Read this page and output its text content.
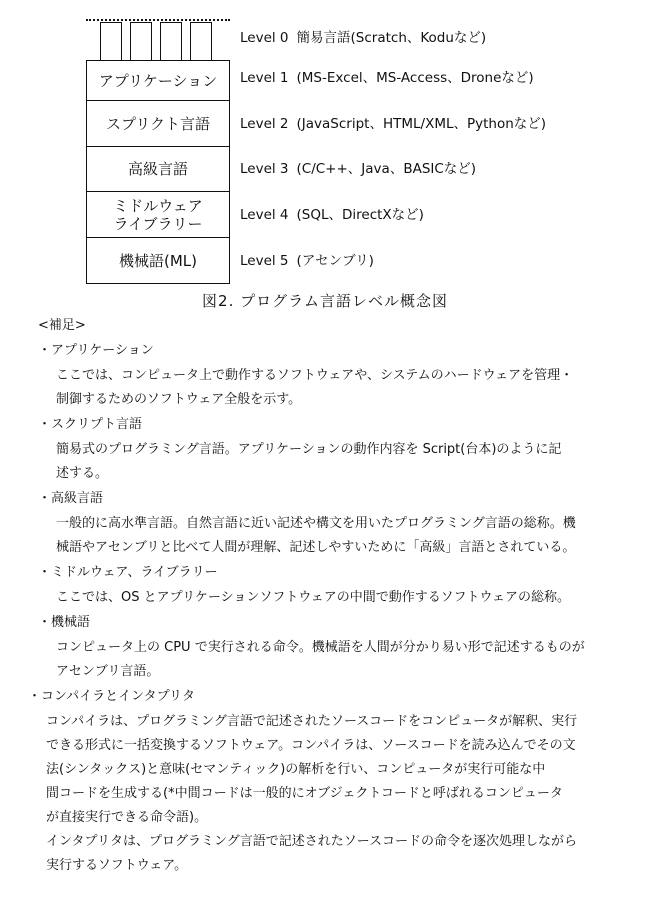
アプリケーション
スプリクト言語
高級言語
ミドルウェア
ライブラリー
機械語(ML)
Level 0 簡易言語(Scratch、Koduなど)
Level 1 (MS-Excel、MS-Access、Droneなど)
Level 2 (JavaScript、HTML/XML、Pythonなど)
Level 3 (C/C++、Java、BASICなど)
Level 4 (SQL、DirectXなど)
Level 5 (アセンブリ)
図2. プログラム言語レベル概念図
<補足>
・アプリケーション
ここでは、コンピュータ上で動作するソフトウェアや、システムのハードウェアを管理・
制御するためのソフトウェア全般を示す。
・スクリプト言語
簡易式のプログラミング言語。アプリケーションの動作内容を Script(台本)のように記
述する。
・高級言語
一般的に高水準言語。自然言語に近い記述や構文を用いたプログラミング言語の総称。機
械語やアセンブリと比べて人間が理解、記述しやすいために「高級」言語とされている。
・ミドルウェア、ライブラリー
ここでは、OS とアプリケーションソフトウェアの中間で動作するソフトウェアの総称。
・機械語
コンピュータ上の CPU で実行される命令。機械語を人間が分かり易い形で記述するものが
アセンブリ言語。
・コンパイラとインタプリタ
コンパイラは、プログラミング言語で記述されたソースコードをコンピュータが解釈、実行
できる形式に一括変換するソフトウェア。コンパイラは、ソースコードを読み込んでその文
法(シンタックス)と意味(セマンティック)の解析を行い、コンピュータが実行可能な中
間コードを生成する(*中間コードは一般的にオブジェクトコードと呼ばれるコンピュータ
が直接実行できる命令語)。
インタプリタは、プログラミング言語で記述されたソースコードの命令を逐次処理しながら
実行するソフトウェア。
